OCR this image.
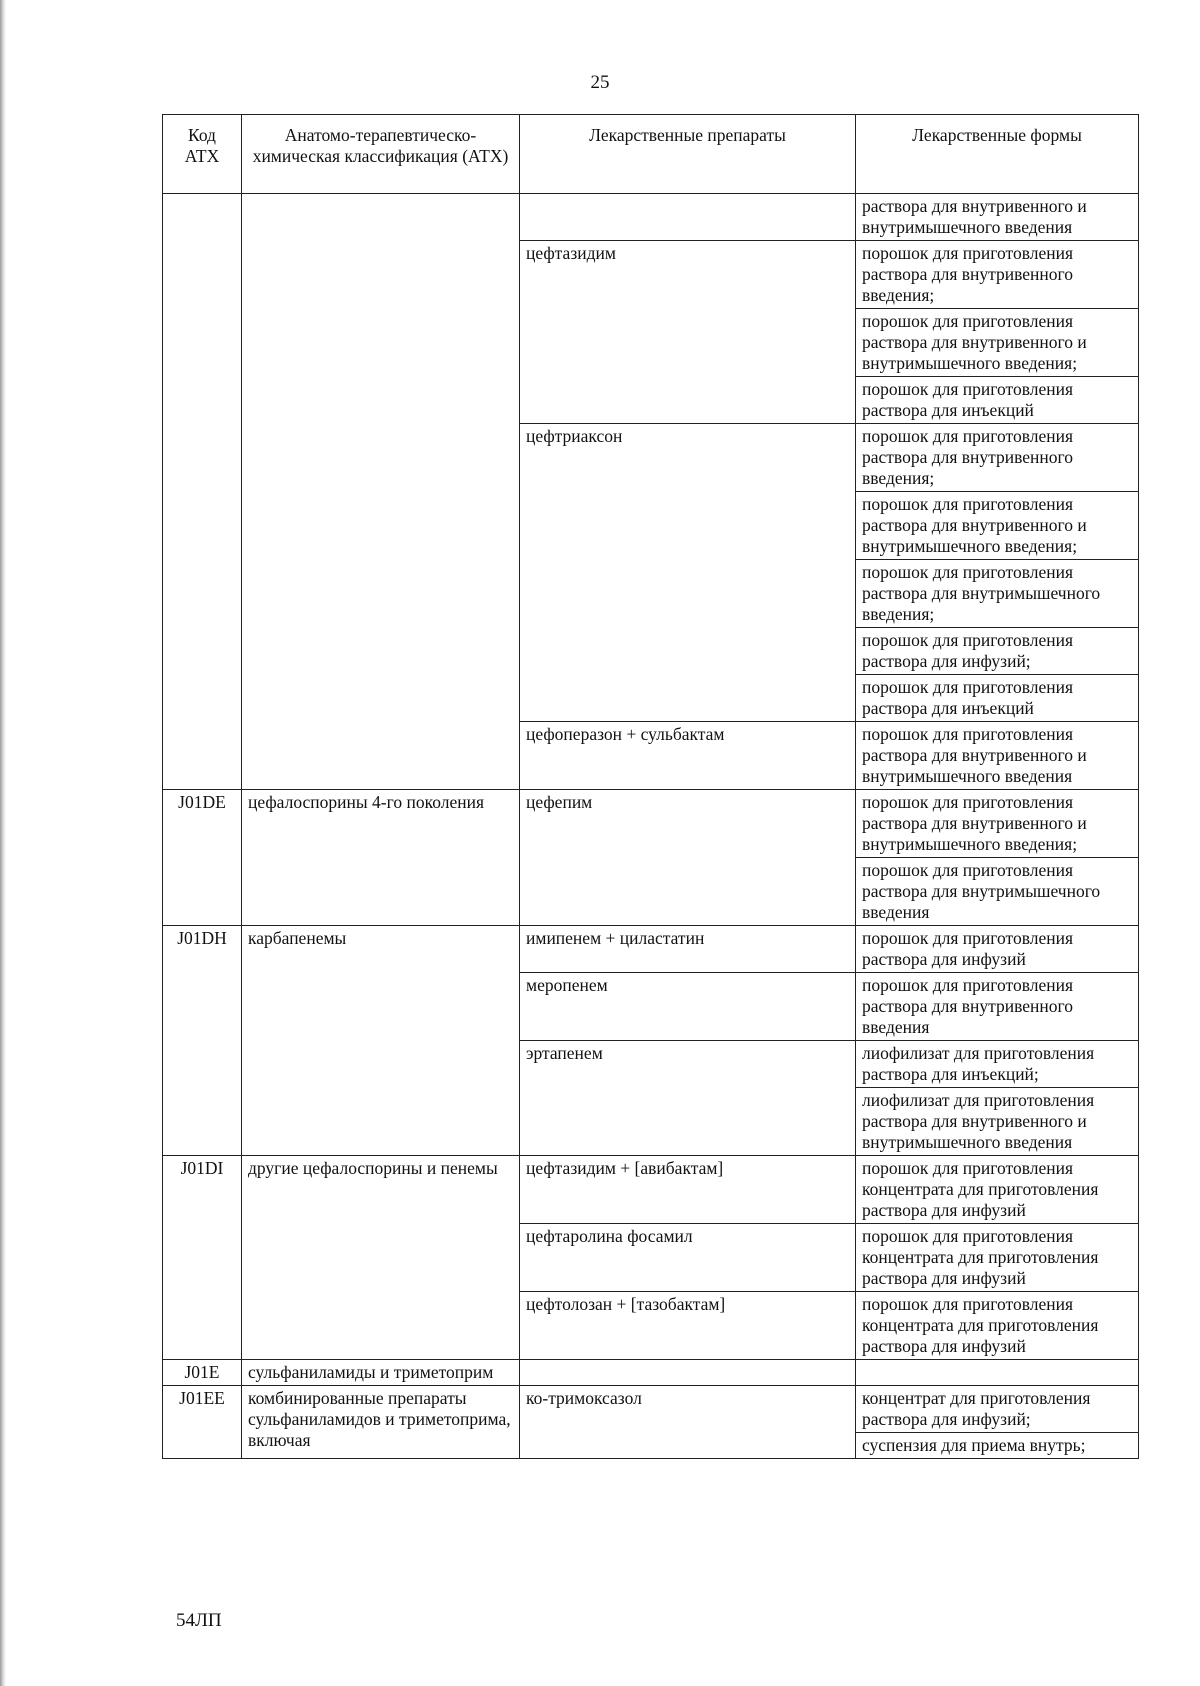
25
Код АТХ	Анатомо-терапевтическо-химическая классификация (АТХ)	Лекарственные препараты	Лекарственные формы
			раствора для внутривенного и внутримышечного введения
		цефтазидим	порошок для приготовления раствора для внутривенного введения;
			порошок для приготовления раствора для внутривенного и внутримышечного введения;
			порошок для приготовления раствора для инъекций
		цефтриаксон	порошок для приготовления раствора для внутривенного введения;
			порошок для приготовления раствора для внутривенного и внутримышечного введения;
			порошок для приготовления раствора для внутримышечного введения;
			порошок для приготовления раствора для инфузий;
			порошок для приготовления раствора для инъекций
		цефоперазон + сульбактам	порошок для приготовления раствора для внутривенного и внутримышечного введения
J01DE	цефалоспорины 4-го поколения	цефепим	порошок для приготовления раствора для внутривенного и внутримышечного введения;
			порошок для приготовления раствора для внутримышечного введения
J01DH	карбапенемы	имипенем + циластатин	порошок для приготовления раствора для инфузий
		меропенем	порошок для приготовления раствора для внутривенного введения
		эртапенем	лиофилизат для приготовления раствора для инъекций;
			лиофилизат для приготовления раствора для внутривенного и внутримышечного введения
J01DI	другие цефалоспорины и пенемы	цефтазидим + [авибактам]	порошок для приготовления концентрата для приготовления раствора для инфузий
		цефтаролина фосамил	порошок для приготовления концентрата для приготовления раствора для инфузий
		цефтолозан + [тазобактам]	порошок для приготовления концентрата для приготовления раствора для инфузий
J01E	сульфаниламиды и триметоприм		
J01EE	комбинированные препараты сульфаниламидов и триметоприма, включая	ко-тримоксазол	концентрат для приготовления раствора для инфузий;
			суспензия для приема внутрь;
54ЛП
